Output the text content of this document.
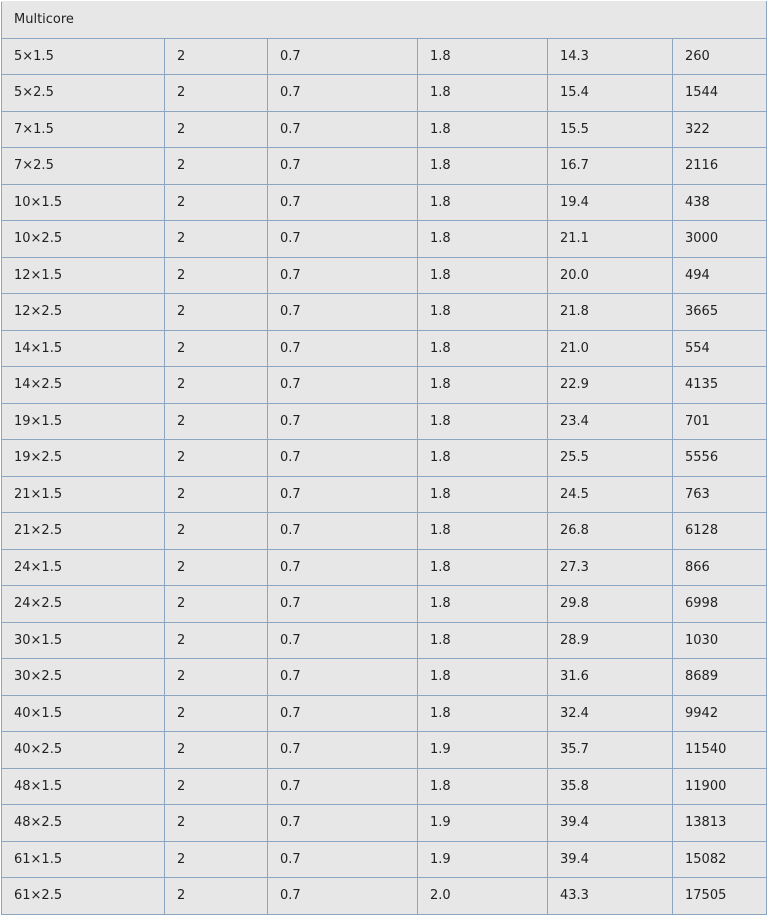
Multicore					
5×1.5	2	0.7	1.8	14.3	260
5×2.5	2	0.7	1.8	15.4	1544
7×1.5	2	0.7	1.8	15.5	322
7×2.5	2	0.7	1.8	16.7	2116
10×1.5	2	0.7	1.8	19.4	438
10×2.5	2	0.7	1.8	21.1	3000
12×1.5	2	0.7	1.8	20.0	494
12×2.5	2	0.7	1.8	21.8	3665
14×1.5	2	0.7	1.8	21.0	554
14×2.5	2	0.7	1.8	22.9	4135
19×1.5	2	0.7	1.8	23.4	701
19×2.5	2	0.7	1.8	25.5	5556
21×1.5	2	0.7	1.8	24.5	763
21×2.5	2	0.7	1.8	26.8	6128
24×1.5	2	0.7	1.8	27.3	866
24×2.5	2	0.7	1.8	29.8	6998
30×1.5	2	0.7	1.8	28.9	1030
30×2.5	2	0.7	1.8	31.6	8689
40×1.5	2	0.7	1.8	32.4	9942
40×2.5	2	0.7	1.9	35.7	11540
48×1.5	2	0.7	1.8	35.8	11900
48×2.5	2	0.7	1.9	39.4	13813
61×1.5	2	0.7	1.9	39.4	15082
61×2.5	2	0.7	2.0	43.3	17505
